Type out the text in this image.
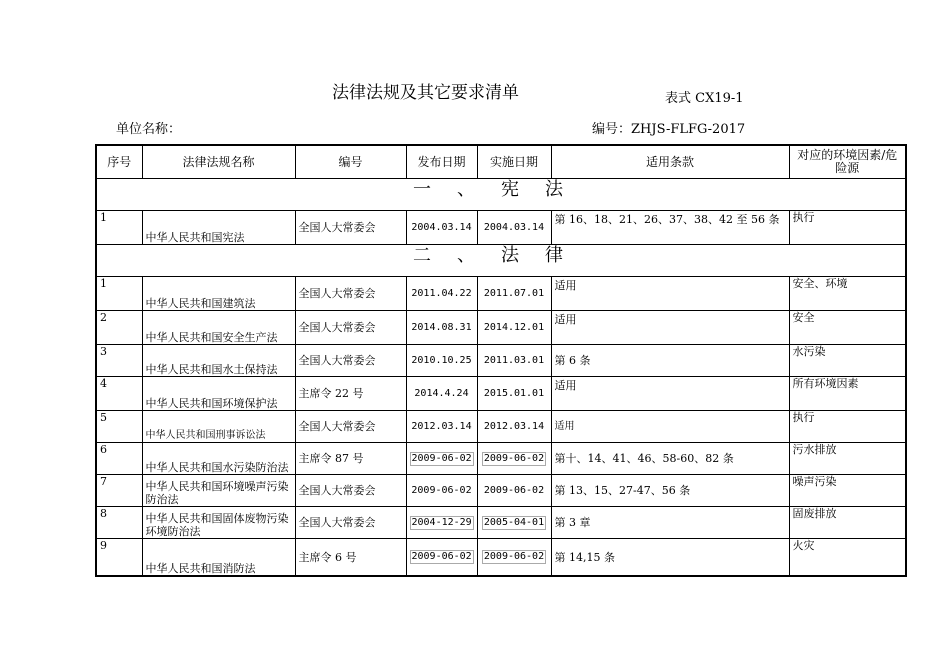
法律法规及其它要求清单	表式 CX19-1
单位名称：	编号：ZHJS-FLFG-2017
序号	法律法规名称	编号	发布日期	实施日期	适用条款	对应的环境因素/危险源
一、宪法						
1	中华人民共和国宪法	全国人大常委会	2004.03.14	2004.03.14	第 16、18、21、26、37、38、42 至 56 条	执行
二、法律						
1	中华人民共和国建筑法	全国人大常委会	2011.04.22	2011.07.01	适用	安全、环境
2	中华人民共和国安全生产法	全国人大常委会	2014.08.31	2014.12.01	适用	安全
3	中华人民共和国水土保持法	全国人大常委会	2010.10.25	2011.03.01	第 6 条	水污染
4	中华人民共和国环境保护法	主席令 22 号	2014.4.24	2015.01.01	适用	所有环境因素
5	中华人民共和国刑事诉讼法	全国人大常委会	2012.03.14	2012.03.14	适用	执行
6	中华人民共和国水污染防治法	主席令 87 号	2009-06-02	2009-06-02	第十、14、41、46、58-60、82 条	污水排放
7	中华人民共和国环境噪声污染防治法	全国人大常委会	2009-06-02	2009-06-02	第 13、15、27-47、56 条	噪声污染
8	中华人民共和国固体废物污染环境防治法	全国人大常委会	2004-12-29	2005-04-01	第 3 章	固废排放
9	中华人民共和国消防法	主席令 6 号	2009-06-02	2009-06-02	第 14,15 条	火灾
